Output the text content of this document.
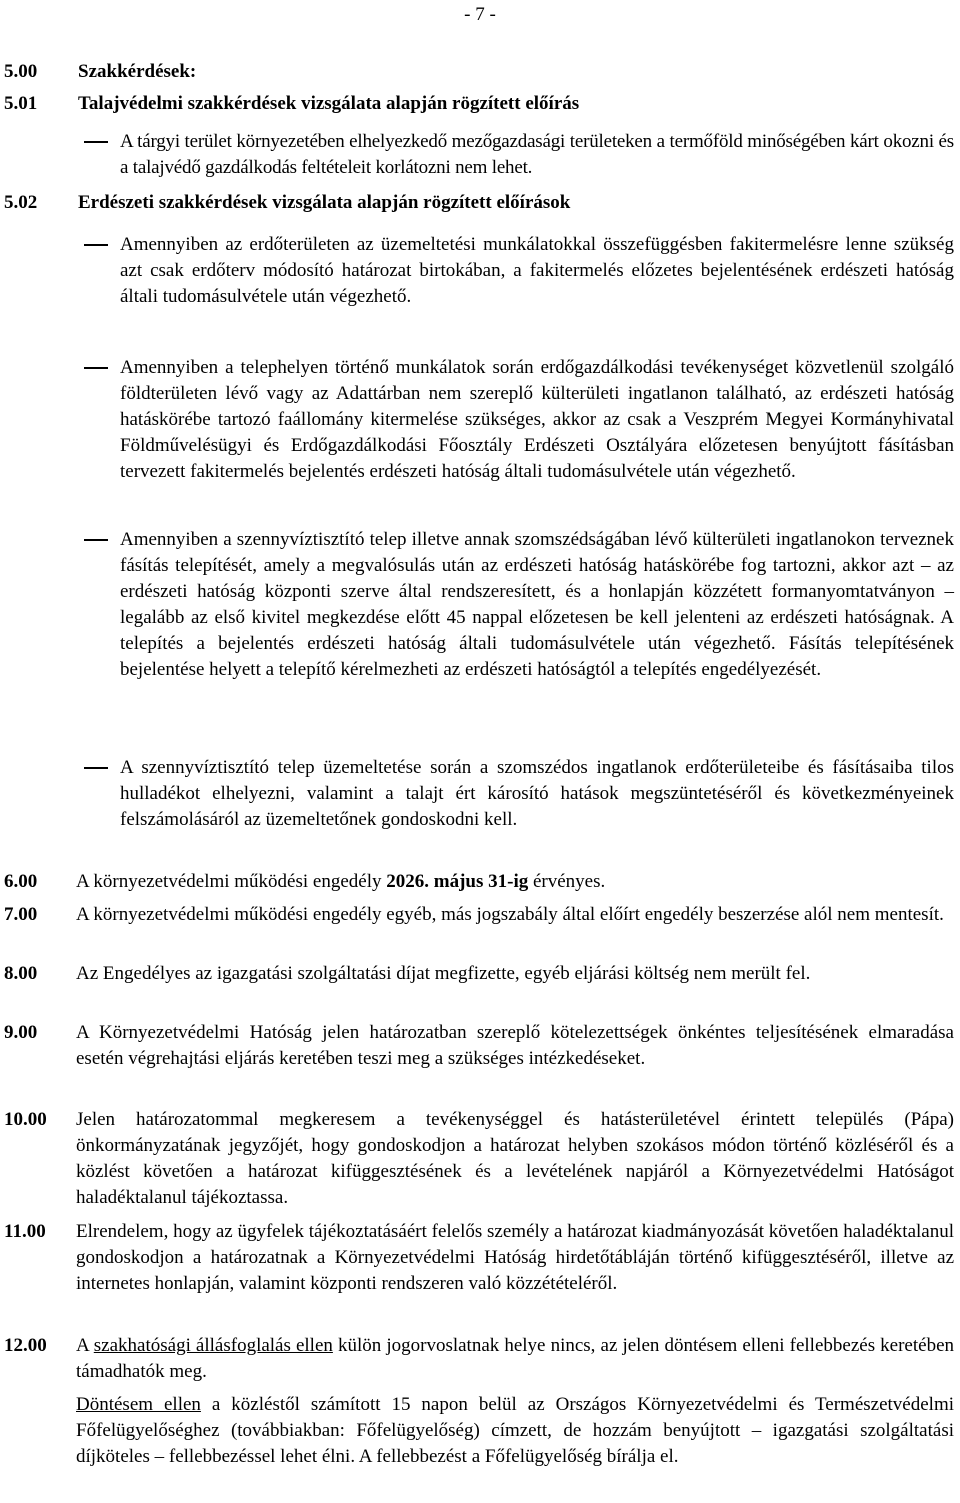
- 7 -
5.00 Szakkérdések:
5.01 Talajvédelmi szakkérdések vizsgálata alapján rögzített előírás
A tárgyi terület környezetében elhelyezkedő mezőgazdasági területeken a termőföld minőségében kárt okozni és a talajvédő gazdálkodás feltételeit korlátozni nem lehet.
5.02 Erdészeti szakkérdések vizsgálata alapján rögzített előírások
Amennyiben az erdőterületen az üzemeltetési munkálatokkal összefüggésben fakitermelésre lenne szükség azt csak erdőterv módosító határozat birtokában, a fakitermelés előzetes bejelentésének erdészeti hatóság általi tudomásulvétele után végezhető.
Amennyiben a telephelyen történő munkálatok során erdőgazdálkodási tevékenységet közvetlenül szolgáló földterületen lévő vagy az Adattárban nem szereplő külterületi ingatlanon található, az erdészeti hatóság hatáskörébe tartozó faállomány kitermelése szükséges, akkor az csak a Veszprém Megyei Kormányhivatal Földművelésügyi és Erdőgazdálkodási Főosztály Erdészeti Osztályára előzetesen benyújtott fásításban tervezett fakitermelés bejelentés erdészeti hatóság általi tudomásulvétele után végezhető.
Amennyiben a szennyvíztisztító telep illetve annak szomszédságában lévő külterületi ingatlanokon terveznek fásítás telepítését, amely a megvalósulás után az erdészeti hatóság hatáskörébe fog tartozni, akkor azt – az erdészeti hatóság központi szerve által rendszeresített, és a honlapján közzétett formanyomtatványon – legalább az első kivitel megkezdése előtt 45 nappal előzetesen be kell jelenteni az erdészeti hatóságnak. A telepítés a bejelentés erdészeti hatóság általi tudomásulvétele után végezhető. Fásítás telepítésének bejelentése helyett a telepítő kérelmezheti az erdészeti hatóságtól a telepítés engedélyezését.
A szennyvíztisztító telep üzemeltetése során a szomszédos ingatlanok erdőterületeibe és fásításaiba tilos hulladékot elhelyezni, valamint a talajt ért károsító hatások megszüntetéséről és következményeinek felszámolásáról az üzemeltetőnek gondoskodni kell.
6.00 A környezetvédelmi működési engedély 2026. május 31-ig érvényes.
7.00 A környezetvédelmi működési engedély egyéb, más jogszabály által előírt engedély beszerzése alól nem mentesít.
8.00 Az Engedélyes az igazgatási szolgáltatási díjat megfizette, egyéb eljárási költség nem merült fel.
9.00 A Környezetvédelmi Hatóság jelen határozatban szereplő kötelezettségek önkéntes teljesítésének elmaradása esetén végrehajtási eljárás keretében teszi meg a szükséges intézkedéseket.
10.00 Jelen határozatommal megkeresem a tevékenységgel és hatásterületével érintett település (Pápa) önkormányzatának jegyzőjét, hogy gondoskodjon a határozat helyben szokásos módon történő közléséről és a közlést követően a határozat kifüggesztésének és a levételének napjáról a Környezetvédelmi Hatóságot haladéktalanul tájékoztassa.
11.00 Elrendelem, hogy az ügyfelek tájékoztatásáért felelős személy a határozat kiadmányozását követően haladéktalanul gondoskodjon a határozatnak a Környezetvédelmi Hatóság hirdetőtábláján történő kifüggesztéséről, illetve az internetes honlapján, valamint központi rendszeren való közzétételéről.
12.00 A szakhatósági állásfoglalás ellen külön jogorvoslatnak helye nincs, az jelen döntésem elleni fellebbezés keretében támadhatók meg.
Döntésem ellen a közléstől számított 15 napon belül az Országos Környezetvédelmi és Természetvédelmi Főfelügyelőséghez (továbbiakban: Főfelügyelőség) címzett, de hozzám benyújtott – igazgatási szolgáltatási díjköteles – fellebbezéssel lehet élni. A fellebbezést a Főfelügyelőség bírálja el.
